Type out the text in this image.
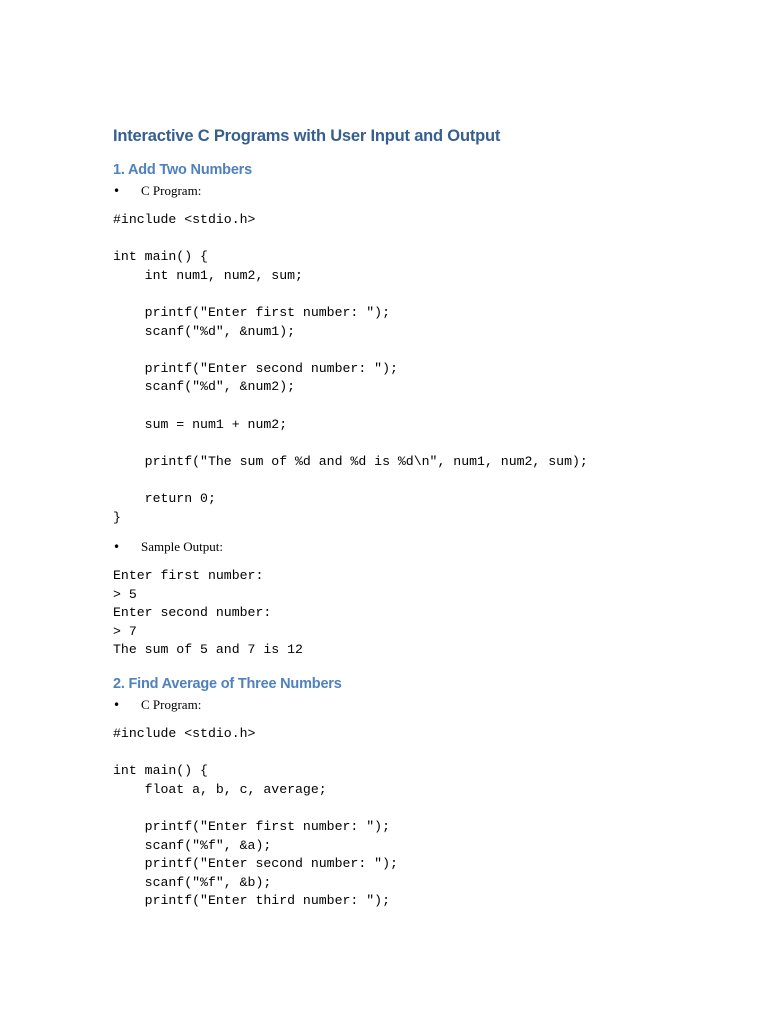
Interactive C Programs with User Input and Output
1. Add Two Numbers
•	C Program:
#include <stdio.h>
int main() {
int num1, num2, sum;
printf("Enter first number: ");
scanf("%d", &num1);
printf("Enter second number: ");
scanf("%d", &num2);
sum = num1 + num2;
printf("The sum of %d and %d is %d\n", num1, num2, sum);
return 0;
}
•	Sample Output:
Enter first number:
> 5
Enter second number:
> 7
The sum of 5 and 7 is 12
2. Find Average of Three Numbers
•	C Program:
#include <stdio.h>
int main() {
float a, b, c, average;
printf("Enter first number: ");
scanf("%f", &a);
printf("Enter second number: ");
scanf("%f", &b);
printf("Enter third number: ");
